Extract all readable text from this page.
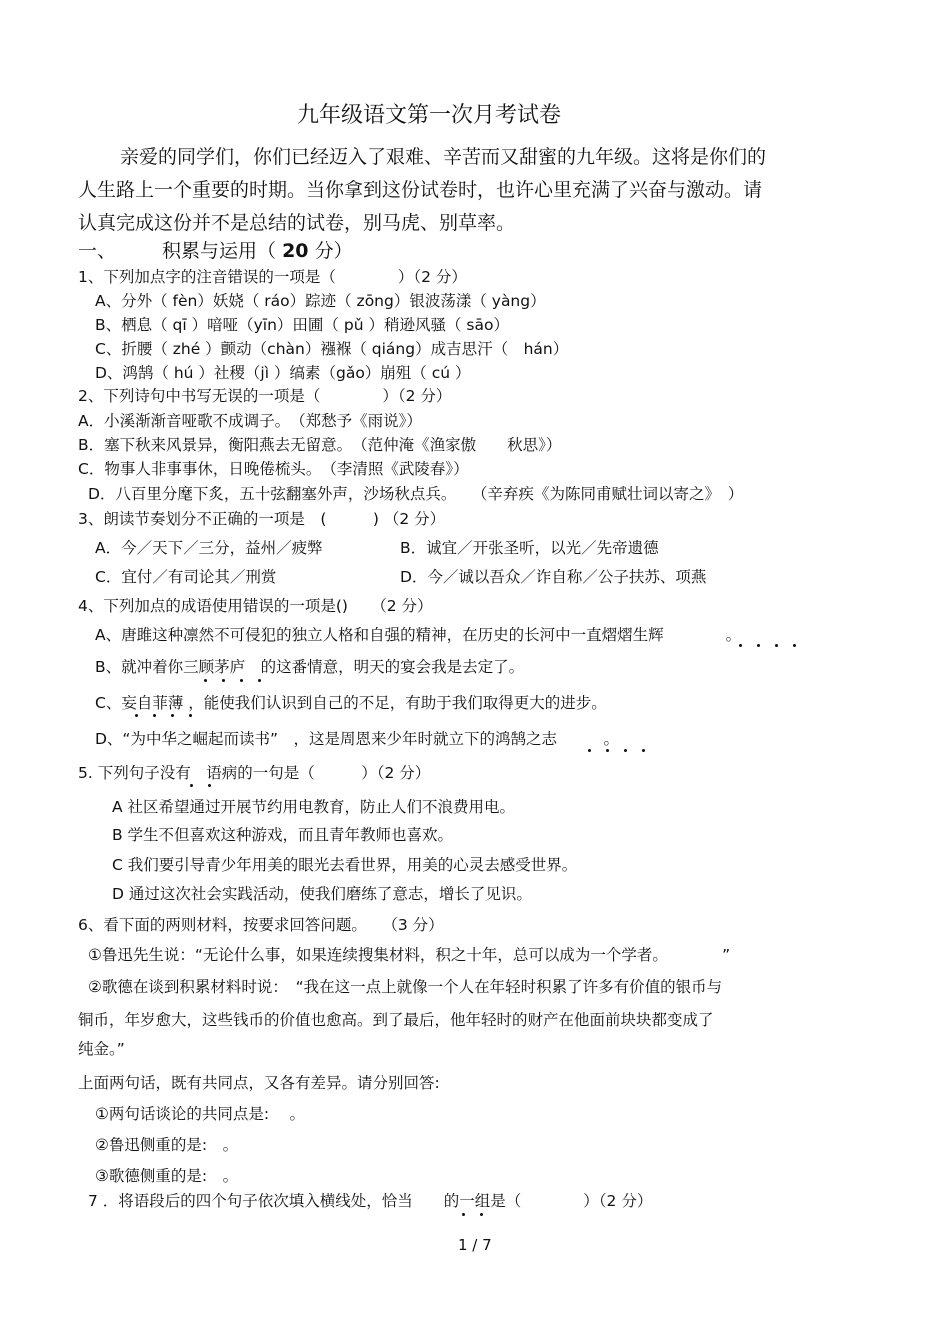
九年级语文第一次月考试卷
亲爱的同学们，你们已经迈入了艰难、辛苦而又甜蜜的九年级。这将是你们的
人生路上一个重要的时期。当你拿到这份试卷时，也许心里充满了兴奋与激动。请
认真完成这份并不是总结的试卷，别马虎、别草率。
一、 积累与运用（ 20 分）
1、下列加点字的注音错误的一项是（　　　　）（2 分）
A、分外（ fèn）妖娆（ ráo）踪迹（ zōng）银波荡漾（ yàng）
B、栖息（ qī ）喑哑（yīn）田圃（ pǔ ）稍逊风骚（ sāo）
C、折腰（ zhé ）颤动（chàn）襁褓（ qiáng）成吉思汗（　hán）
D、鸿鹄（ hú ）社稷（jì ）缟素（gǎo）崩殂（ cú ）
2、下列诗句中书写无误的一项是（　　　　）（2 分）
A．小溪渐渐音哑歌不成调子。　（郑愁予《雨说》）
B．塞下秋来风景异，衡阳燕去无留意。　（范仲淹《渔家傲　　秋思》）
C．物事人非事事休，日晚倦梳头。　（李清照《武陵春》）
D．八百里分麾下炙，五十弦翻塞外声，沙场秋点兵。　　（辛弃疾《为陈同甫赋壮词以寄之》　）
3、朗读节奏划分不正确的一项是　(　　　) （2 分）
A．今／天下／三分，益州／疲弊	B．诚宜／开张圣听，以光／先帝遗德
C．宜付／有司论其／刑赏	D．今／诚以吾众／诈自称／公子扶苏、项燕
4、下列加点的成语使用错误的一项是()　　（2 分）
A、唐雎这种凛然不可侵犯的独立人格和自强的精神，在历史的长河中一直熠熠生辉　　　　。
B、就冲着你三顾茅庐　的这番情意，明天的宴会我是去定了。
C、妄自菲薄 ，能使我们认识到自己的不足，有助于我们取得更大的进步。
D、“为中华之崛起而读书”　，这是周恩来少年时就立下的鸿鹄之志　　　。
5. 下列句子没有　语病的一句是（　　　）（2 分）
A 社区希望通过开展节约用电教育，防止人们不浪费用电。
B 学生不但喜欢这种游戏，而且青年教师也喜欢。
C 我们要引导青少年用美的眼光去看世界，用美的心灵去感受世界。
D 通过这次社会实践活动，使我们磨练了意志，增长了见识。
6、看下面的两则材料，按要求回答问题。　　（3 分）
①鲁迅先生说：“无论什么事，如果连续搜集材料，积之十年，总可以成为一个学者。　　　　”
②歌德在谈到积累材料时说：　“我在这一点上就像一个人在年轻时积累了许多有价值的银币与
铜币，年岁愈大，这些钱币的价值也愈高。到了最后，他年轻时的财产在他面前块块都变成了
纯金。”
上面两句话，既有共同点，又各有差异。请分别回答:
①两句话谈论的共同点是:　 。
②鲁迅侧重的是:　。
③歌德侧重的是:　。
7 ．将语段后的四个句子依次填入横线处，恰当　　的一组是（　　　　）（2 分）
1 / 7
